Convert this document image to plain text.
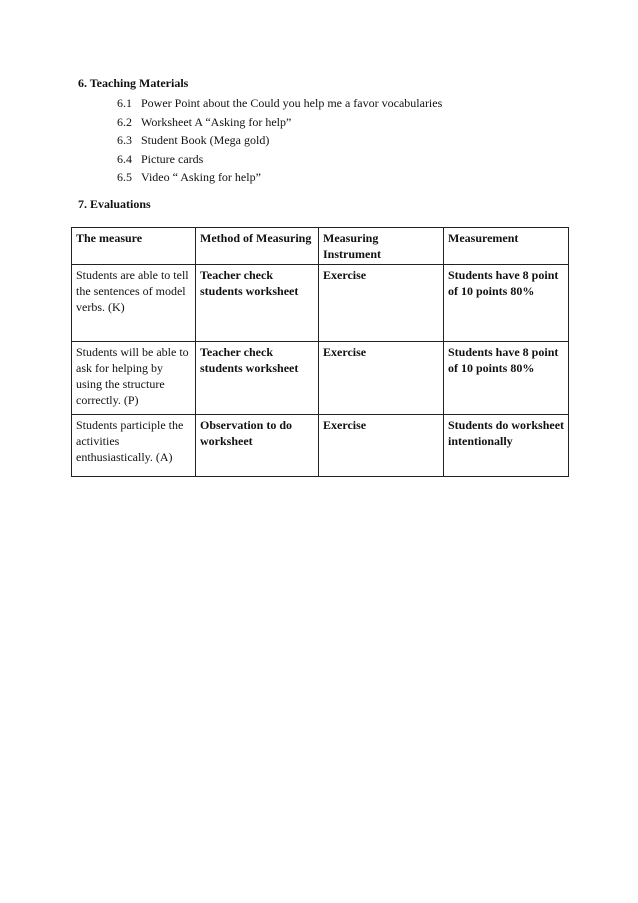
6. Teaching Materials
6.1 Power Point about the Could you help me a favor vocabularies
6.2 Worksheet A “Asking for help”
6.3 Student Book (Mega gold)
6.4 Picture cards
6.5 Video “ Asking for help”
7. Evaluations
The measure	Method of Measuring	Measuring Instrument	Measurement
Students are able to tell the sentences of model verbs. (K)	Teacher check students worksheet	Exercise	Students have 8 point of 10 points 80%
Students will be able to ask for helping by using the structure correctly. (P)	Teacher check students worksheet	Exercise	Students have 8 point of 10 points 80%
Students participle the activities enthusiastically. (A)	Observation to do worksheet	Exercise	Students do worksheet intentionally
